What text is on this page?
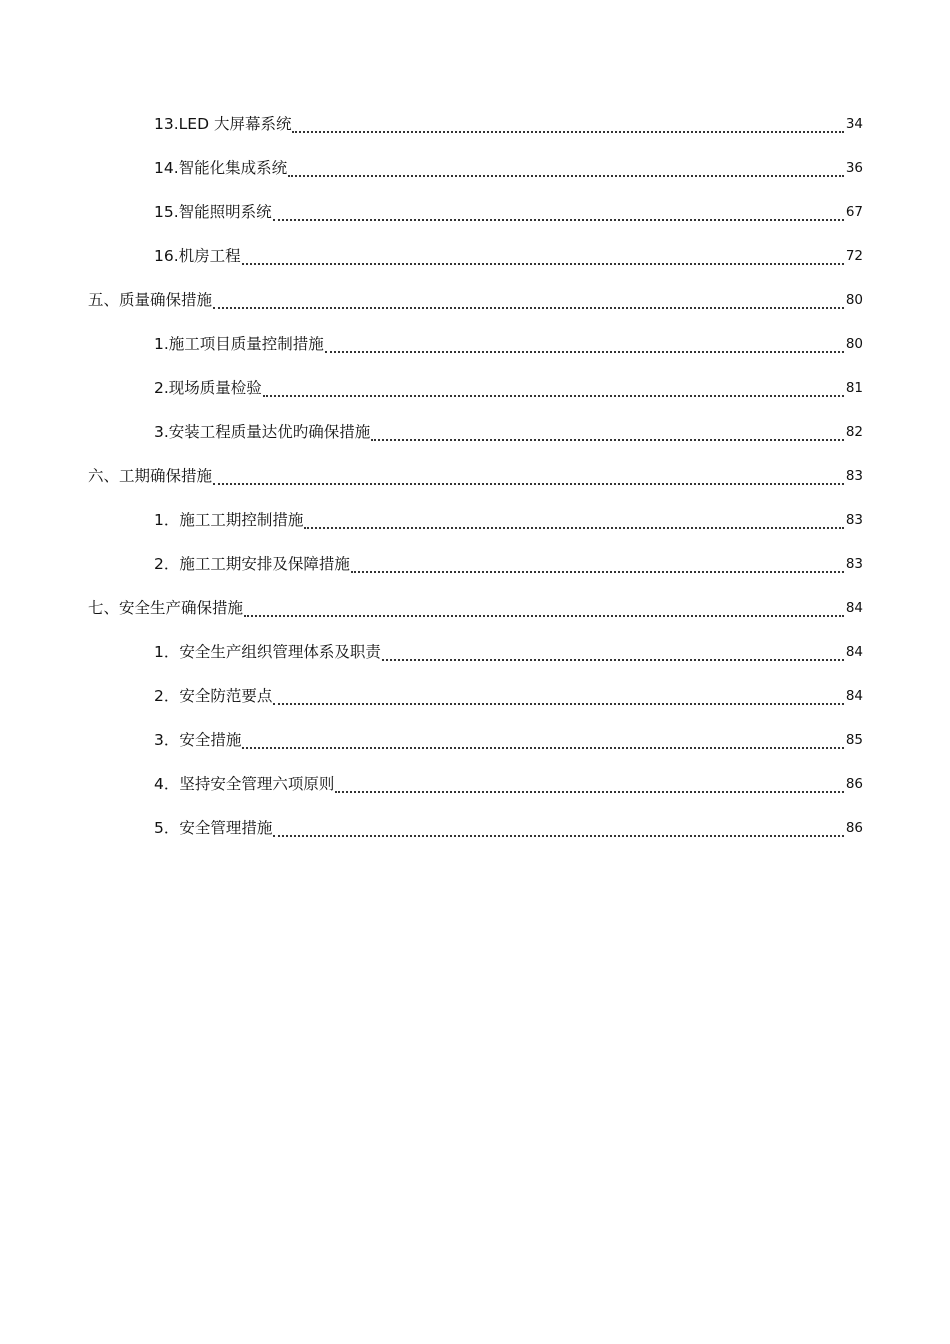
13.LED 大屏幕系统	34
14.智能化集成系统	36
15.智能照明系统	67
16.机房工程	72
五、质量确保措施	80
1.施工项目质量控制措施	80
2.现场质量检验	81
3.安装工程质量达优旳确保措施	82
六、工期确保措施	83
1．施工工期控制措施	83
2．施工工期安排及保障措施	83
七、安全生产确保措施	84
1．安全生产组织管理体系及职责	84
2．安全防范要点	84
3．安全措施	85
4．坚持安全管理六项原则	86
5．安全管理措施	86
